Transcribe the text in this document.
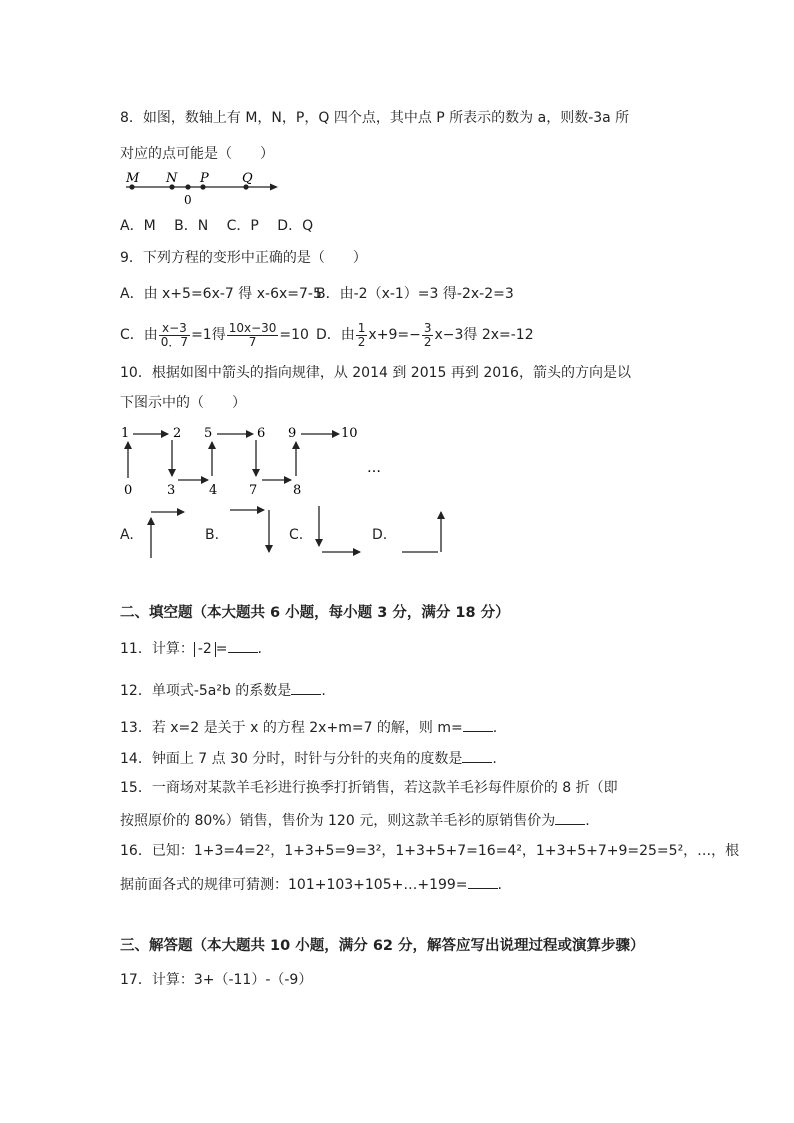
8．如图，数轴上有 M，N，P，Q 四个点，其中点 P 所表示的数为 a，则数-3a 所
对应的点可能是（　　）
M N P	Q
0
A．M　 B．N　 C．P　 D．Q
9．下列方程的变形中正确的是（　　）
A．由 x+5=6x-7 得 x-6x=7-5
B．由-2（x-1）=3 得-2x-2=3
C．由 $\frac{x-3}{0.7} =1$得 $\frac{10x-30}{7} =10$ D．由 $\frac{1}{2} x+9=- \frac{3}{2} x-3$得 2x=-12
10．根据如图中箭头的指向规律，从 2014 到 2015 再到 2016，箭头的方向是以
下图示中的（　　）
1	2 5	6 9	10
0	3	4 7	8
…
A.	B.	C.	D.
二、填空题（本大题共 6 小题，每小题 3 分，满分 18 分）
11．计算： -2 = .
12．单项式-5a²b 的系数是 .
13．若 x=2 是关于 x 的方程 2x+m=7 的解，则 m= .
14．钟面上 7 点 30 分时，时针与分针的夹角的度数是 .
15．一商场对某款羊毛衫进行换季打折销售，若这款羊毛衫每件原价的 8 折（即
按照原价的 80%）销售，售价为 120 元，则这款羊毛衫的原销售价为 .
16．已知：1+3=4=2²，1+3+5=9=3²，1+3+5+7=16=4²，1+3+5+7+9=25=5²，…，根
据前面各式的规律可猜测：101+103+105+…+199= .
三、解答题（本大题共 10 小题，满分 62 分，解答应写出说理过程或演算步骤）
17．计算：3+（-11）-（-9）
